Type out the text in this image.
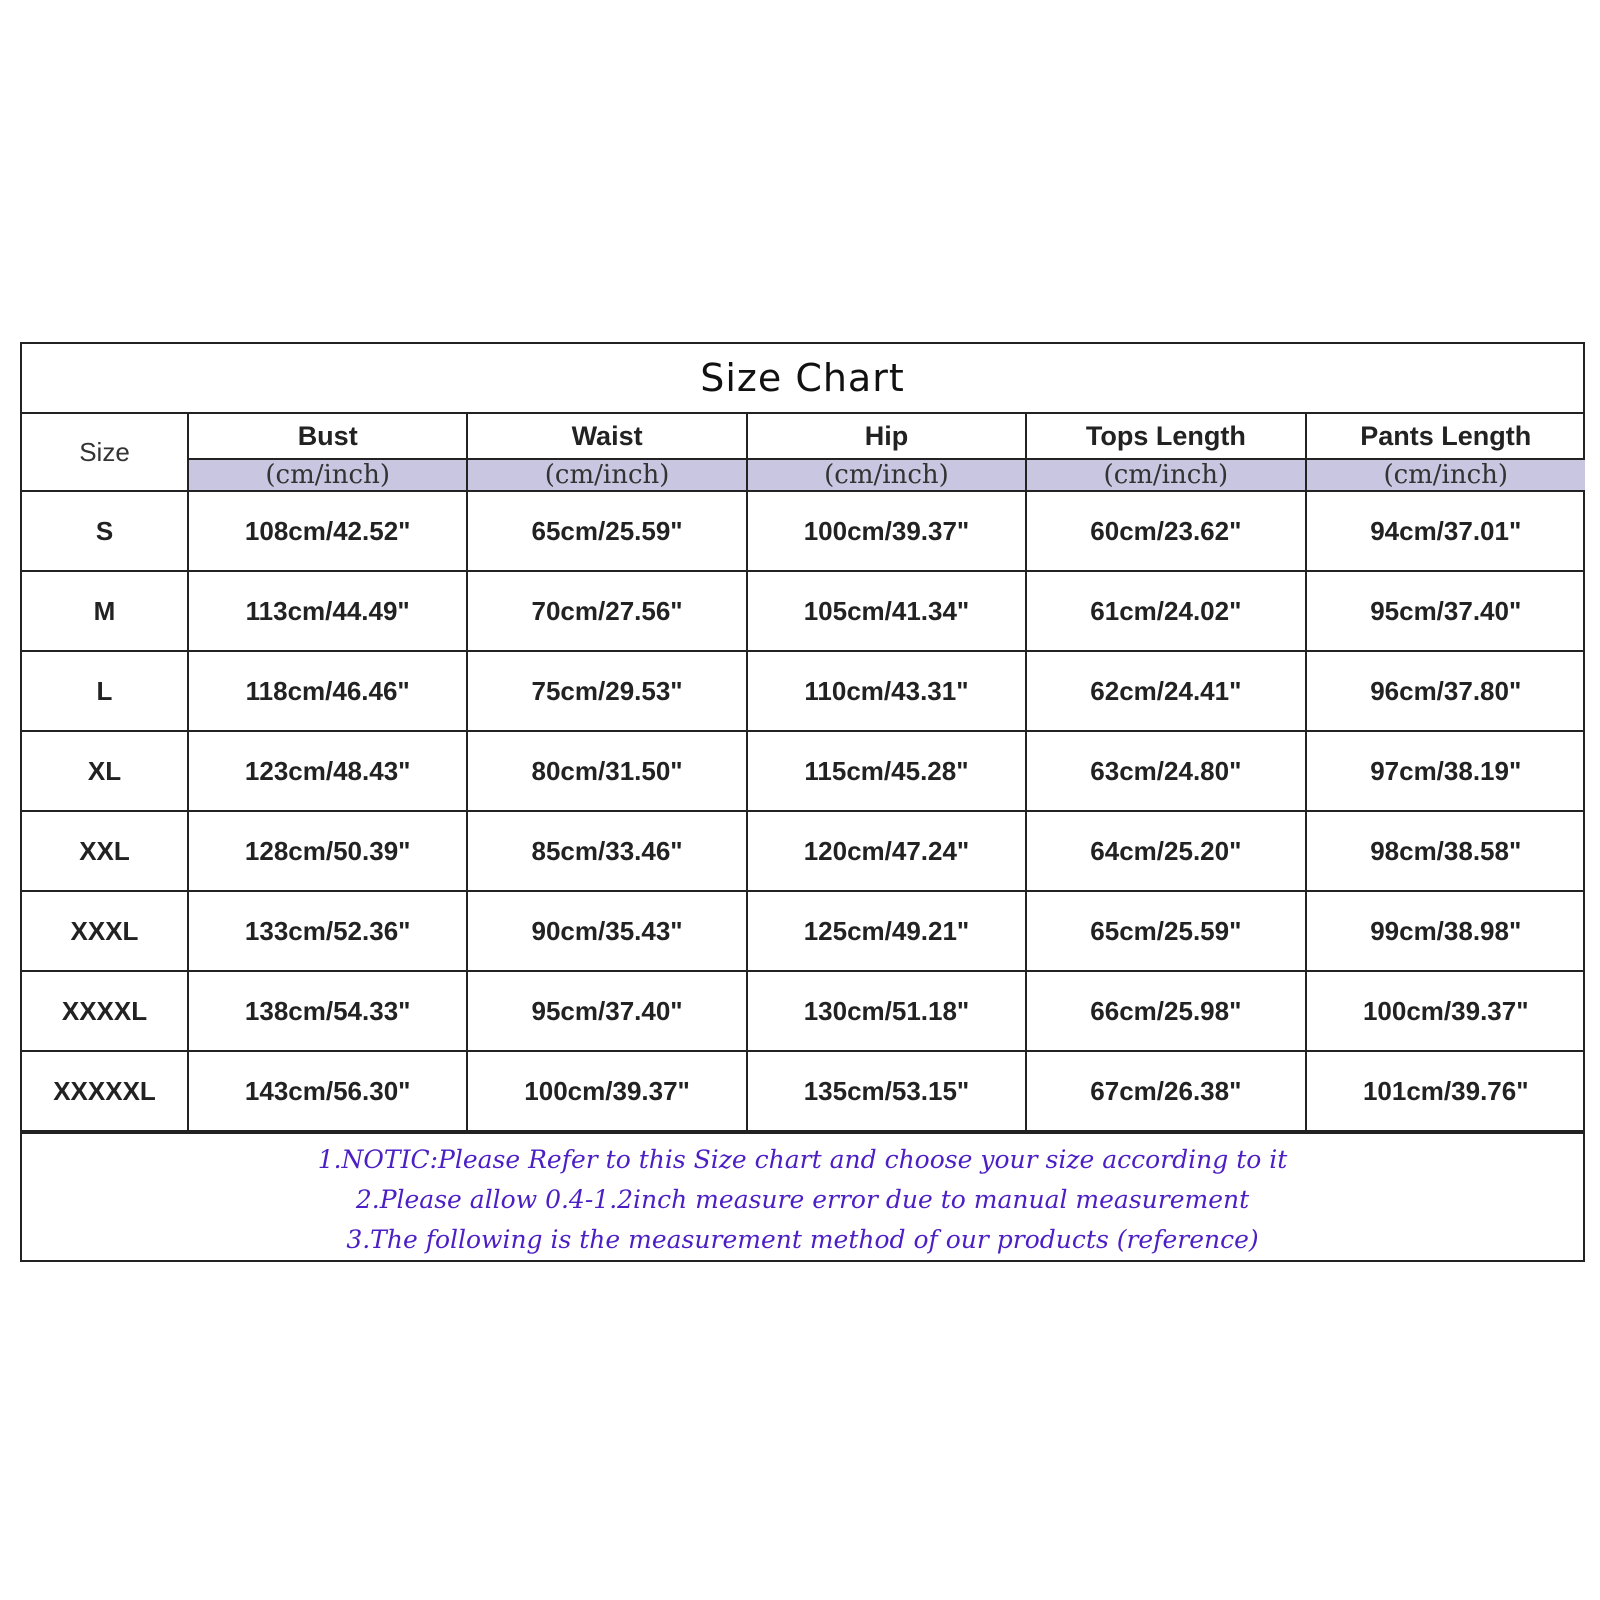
Size Chart
Size	Bust	Waist	Hip	Tops Length	Pants Length
	(cm/inch)	(cm/inch)	(cm/inch)	(cm/inch)	(cm/inch)
S	108cm/42.52"	65cm/25.59"	100cm/39.37"	60cm/23.62"	94cm/37.01"
M	113cm/44.49"	70cm/27.56"	105cm/41.34"	61cm/24.02"	95cm/37.40"
L	118cm/46.46"	75cm/29.53"	110cm/43.31"	62cm/24.41"	96cm/37.80"
XL	123cm/48.43"	80cm/31.50"	115cm/45.28"	63cm/24.80"	97cm/38.19"
XXL	128cm/50.39"	85cm/33.46"	120cm/47.24"	64cm/25.20"	98cm/38.58"
XXXL	133cm/52.36"	90cm/35.43"	125cm/49.21"	65cm/25.59"	99cm/38.98"
XXXXL	138cm/54.33"	95cm/37.40"	130cm/51.18"	66cm/25.98"	100cm/39.37"
XXXXXL	143cm/56.30"	100cm/39.37"	135cm/53.15"	67cm/26.38"	101cm/39.76"
1.NOTIC:Please Refer to this Size chart and choose your size according to it
2.Please allow 0.4-1.2inch measure error due to manual measurement
3.The following is the measurement method of our products (reference)
